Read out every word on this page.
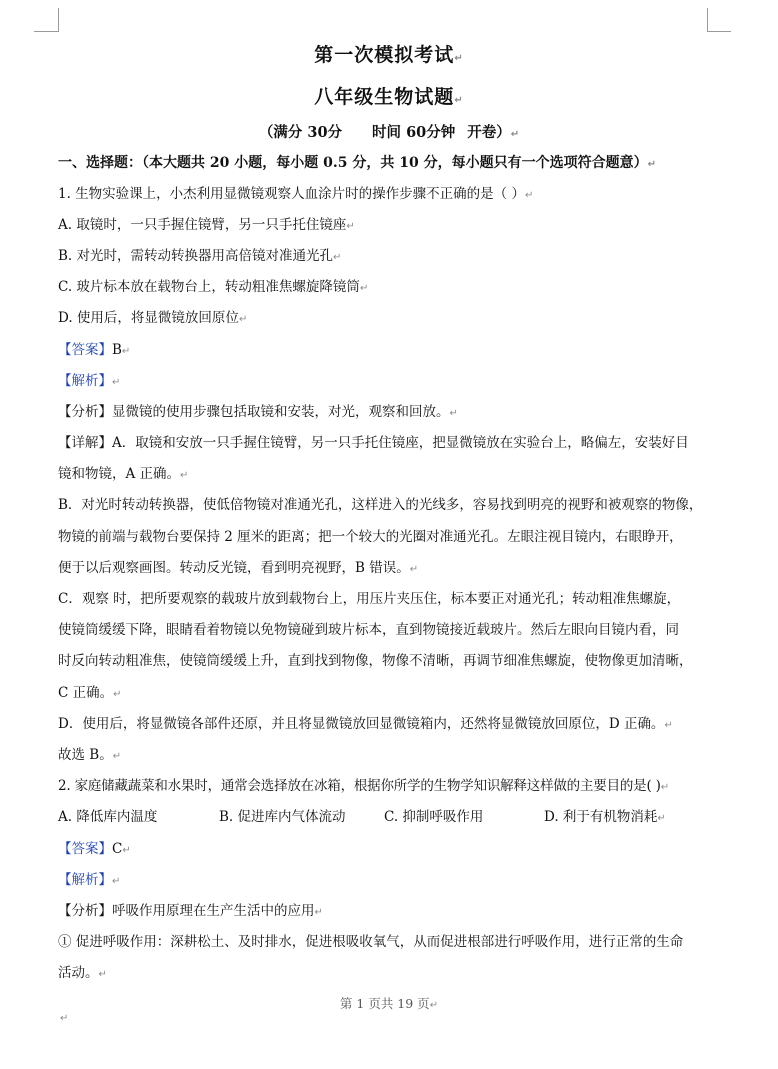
第一次模拟考试↵
八年级生物试题↵
（满分 30分 时间 60分钟 开卷）↵
一、选择题：（本大题共 20 小题，每小题 0.5 分，共 10 分，每小题只有一个选项符合题意）↵
1. 生物实验课上，小杰利用显微镜观察人血涂片时的操作步骤不正确的是（ ）↵
A. 取镜时，一只手握住镜臂，另一只手托住镜座↵
B. 对光时，需转动转换器用高倍镜对准通光孔↵
C. 玻片标本放在载物台上，转动粗准焦螺旋降镜筒↵
D. 使用后，将显微镜放回原位↵
【答案】B↵
【解析】↵
【分析】显微镜的使用步骤包括取镜和安装，对光，观察和回放。↵
【详解】A．取镜和安放一只手握住镜臂，另一只手托住镜座，把显微镜放在实验台上，略偏左，安装好目
镜和物镜，A 正确。↵
B．对光时转动转换器，使低倍物镜对准通光孔，这样进入的光线多，容易找到明亮的视野和被观察的物像，
物镜的前端与载物台要保持 2 厘米的距离；把一个较大的光圈对准通光孔。左眼注视目镜内，右眼睁开，
便于以后观察画图。转动反光镜，看到明亮视野，B 错误。↵
C．观察 时，把所要观察的载玻片放到载物台上，用压片夹压住，标本要正对通光孔；转动粗准焦螺旋，
使镜筒缓缓下降，眼睛看着物镜以免物镜碰到玻片标本，直到物镜接近载玻片。然后左眼向目镜内看，同
时反向转动粗准焦，使镜筒缓缓上升，直到找到物像，物像不清晰，再调节细准焦螺旋，使物像更加清晰，
C 正确。↵
D．使用后，将显微镜各部件还原，并且将显微镜放回显微镜箱内，还然将显微镜放回原位，D 正确。↵
故选 B。↵
2. 家庭储藏蔬菜和水果时，通常会选择放在冰箱，根据你所学的生物学知识解释这样做的主要目的是( )↵
A. 降低库内温度	B. 促进库内气体流动	C. 抑制呼吸作用	D. 利于有机物消耗↵
【答案】C↵
【解析】↵
【分析】呼吸作用原理在生产生活中的应用↵
① 促进呼吸作用：深耕松土、及时排水，促进根吸收氧气，从而促进根部进行呼吸作用，进行正常的生命
活动。↵
第 1 页共 19 页↵
↵
